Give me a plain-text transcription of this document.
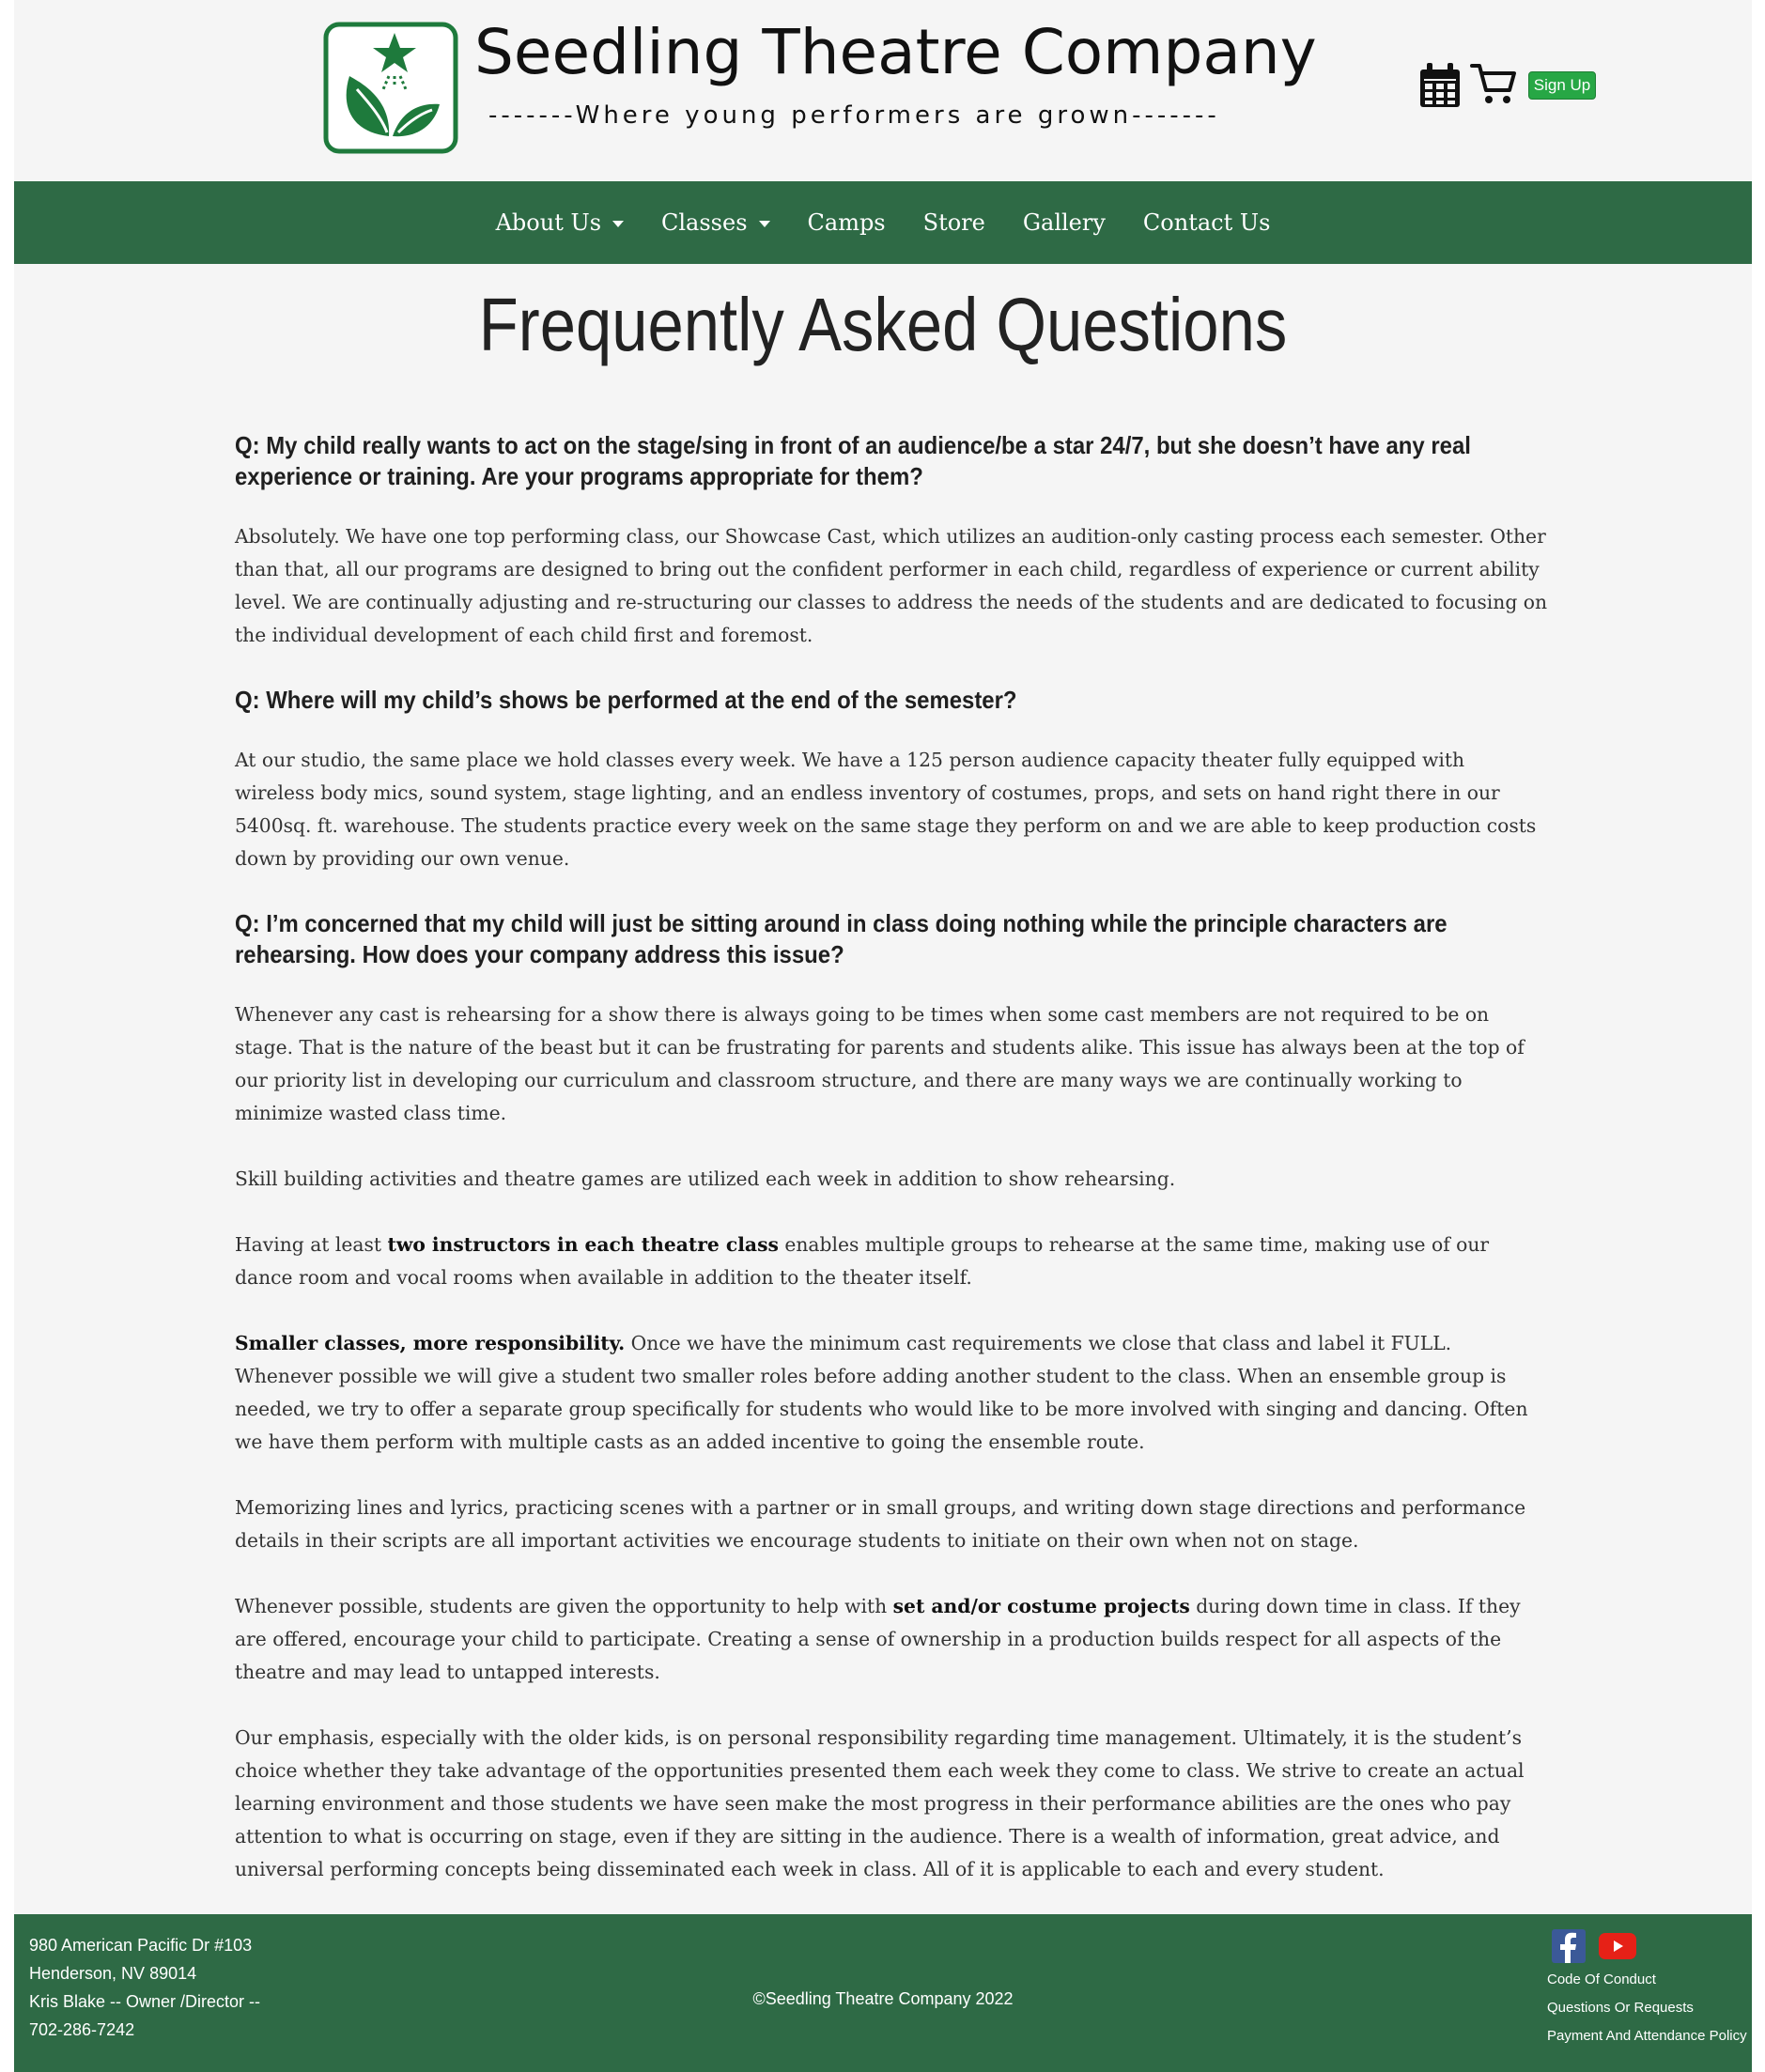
Seedling Theatre Company
-------Where young performers are grown-------
Sign Up
About Us	Classes	Camps Store Gallery Contact Us
Frequently Asked Questions
Q: My child really wants to act on the stage/sing in front of an audience/be a star 24/7, but she doesn’t have any real experience or training. Are your programs appropriate for them?
Absolutely. We have one top performing class, our Showcase Cast, which utilizes an audition-only casting process each semester. Other than that, all our programs are designed to bring out the confident performer in each child, regardless of experience or current ability level. We are continually adjusting and re-structuring our classes to address the needs of the students and are dedicated to focusing on the individual development of each child first and foremost.
Q: Where will my child’s shows be performed at the end of the semester?
At our studio, the same place we hold classes every week. We have a 125 person audience capacity theater fully equipped with wireless body mics, sound system, stage lighting, and an endless inventory of costumes, props, and sets on hand right there in our 5400sq. ft. warehouse. The students practice every week on the same stage they perform on and we are able to keep production costs down by providing our own venue.
Q: I’m concerned that my child will just be sitting around in class doing nothing while the principle characters are rehearsing. How does your company address this issue?
Whenever any cast is rehearsing for a show there is always going to be times when some cast members are not required to be on stage. That is the nature of the beast but it can be frustrating for parents and students alike. This issue has always been at the top of our priority list in developing our curriculum and classroom structure, and there are many ways we are continually working to minimize wasted class time.
Skill building activities and theatre games are utilized each week in addition to show rehearsing.
Having at least two instructors in each theatre class enables multiple groups to rehearse at the same time, making use of our dance room and vocal rooms when available in addition to the theater itself.
Smaller classes, more responsibility. Once we have the minimum cast requirements we close that class and label it FULL. Whenever possible we will give a student two smaller roles before adding another student to the class. When an ensemble group is needed, we try to offer a separate group specifically for students who would like to be more involved with singing and dancing. Often we have them perform with multiple casts as an added incentive to going the ensemble route.
Memorizing lines and lyrics, practicing scenes with a partner or in small groups, and writing down stage directions and performance details in their scripts are all important activities we encourage students to initiate on their own when not on stage.
Whenever possible, students are given the opportunity to help with set and/or costume projects during down time in class. If they are offered, encourage your child to participate. Creating a sense of ownership in a production builds respect for all aspects of the theatre and may lead to untapped interests.
Our emphasis, especially with the older kids, is on personal responsibility regarding time management. Ultimately, it is the student’s choice whether they take advantage of the opportunities presented them each week they come to class. We strive to create an actual learning environment and those students we have seen make the most progress in their performance abilities are the ones who pay attention to what is occurring on stage, even if they are sitting in the audience. There is a wealth of information, great advice, and universal performing concepts being disseminated each week in class. All of it is applicable to each and every student.
980 American Pacific Dr #103
Henderson, NV 89014
Kris Blake -- Owner /Director --
702-286-7242
©Seedling Theatre Company 2022
Code Of Conduct
Questions Or Requests
Payment And Attendance Policy
